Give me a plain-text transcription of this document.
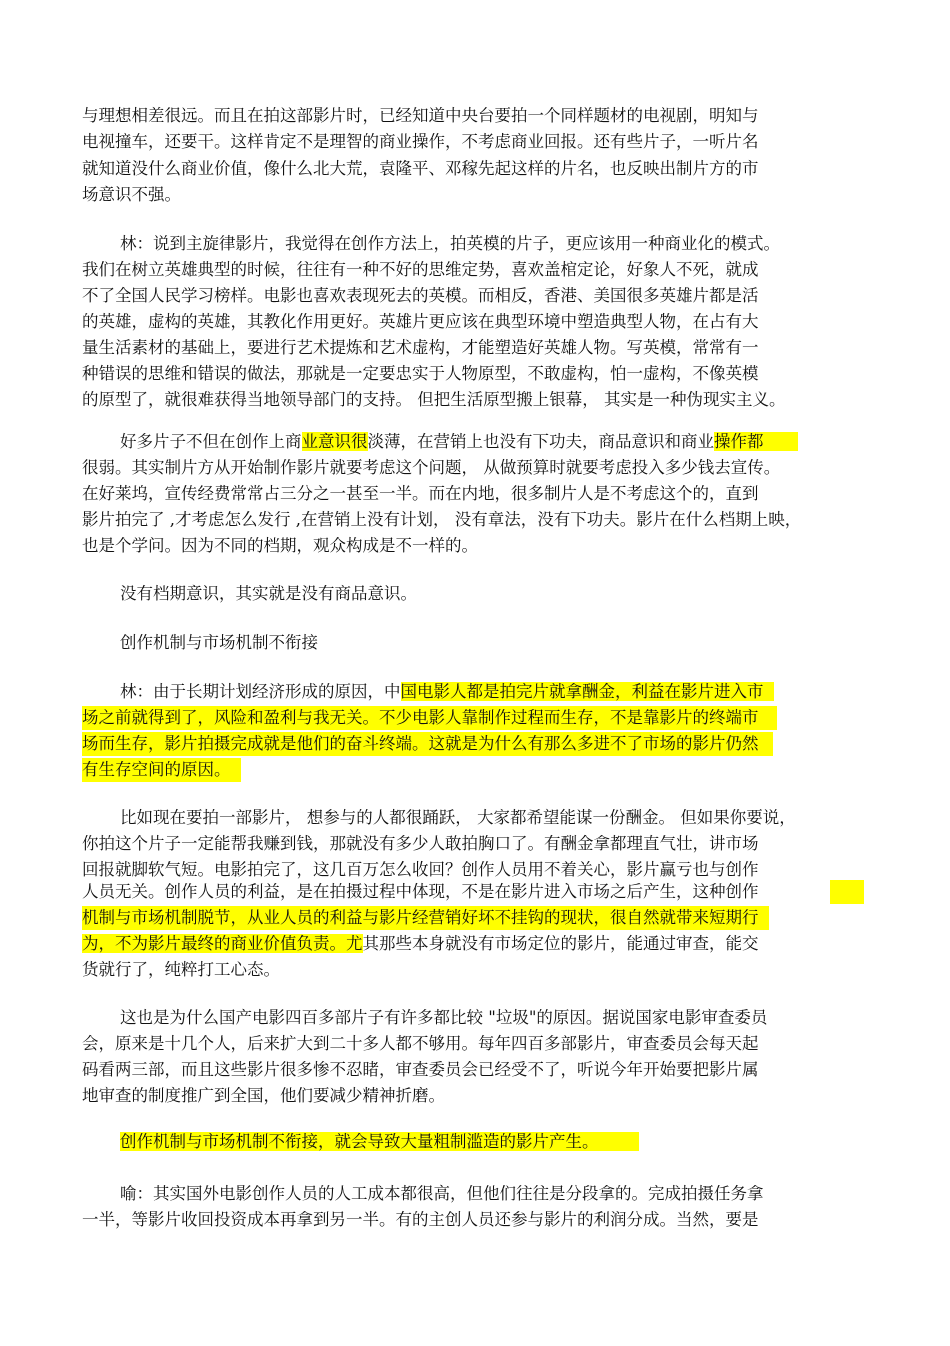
与理想相差很远。而且在拍这部影片时，已经知道中央台要拍一个同样题材的电视剧，明知与
电视撞车，还要干。这样肯定不是理智的商业操作，不考虑商业回报。还有些片子，一听片名
就知道没什么商业价值，像什么北大荒，袁隆平、邓稼先起这样的片名，也反映出制片方的市
场意识不强。
林：说到主旋律影片，我觉得在创作方法上，拍英模的片子，更应该用一种商业化的模式。
我们在树立英雄典型的时候，往往有一种不好的思维定势，喜欢盖棺定论，好象人不死，就成
不了全国人民学习榜样。电影也喜欢表现死去的英模。而相反，香港、美国很多英雄片都是活
的英雄，虚构的英雄，其教化作用更好。英雄片更应该在典型环境中塑造典型人物，在占有大
量生活素材的基础上，要进行艺术提炼和艺术虚构，才能塑造好英雄人物。写英模，常常有一
种错误的思维和错误的做法，那就是一定要忠实于人物原型，不敢虚构，怕一虚构，不像英模
的原型了，就很难获得当地领导部门的支持。 但把生活原型搬上银幕， 其实是一种伪现实主义。
好多片子不但在创作上商业意识很淡薄，在营销上也没有下功夫，商品意识和商业操作都
很弱。其实制片方从开始制作影片就要考虑这个问题， 从做预算时就要考虑投入多少钱去宣传。
在好莱坞，宣传经费常常占三分之一甚至一半。而在内地，很多制片人是不考虑这个的，直到
影片拍完了 ,才考虑怎么发行 ,在营销上没有计划， 没有章法，没有下功夫。影片在什么档期上映，
也是个学问。因为不同的档期，观众构成是不一样的。
没有档期意识，其实就是没有商品意识。
创作机制与市场机制不衔接
林：由于长期计划经济形成的原因，中国电影人都是拍完片就拿酬金，利益在影片进入市
场之前就得到了，风险和盈利与我无关。不少电影人靠制作过程而生存，不是靠影片的终端市
场而生存，影片拍摄完成就是他们的奋斗终端。这就是为什么有那么多进不了市场的影片仍然
有生存空间的原因。
比如现在要拍一部影片， 想参与的人都很踊跃， 大家都希望能谋一份酬金。 但如果你要说，
你拍这个片子一定能帮我赚到钱，那就没有多少人敢拍胸口了。有酬金拿都理直气壮，讲市场
回报就脚软气短。电影拍完了，这几百万怎么收回？创作人员用不着关心，影片赢亏也与创作
人员无关。创作人员的利益，是在拍摄过程中体现，不是在影片进入市场之后产生，这种创作
机制与市场机制脱节，从业人员的利益与影片经营销好坏不挂钩的现状，很自然就带来短期行
为，不为影片最终的商业价值负责。尤其那些本身就没有市场定位的影片，能通过审查，能交
货就行了，纯粹打工心态。
这也是为什么国产电影四百多部片子有许多都比较 "垃圾"的原因。据说国家电影审查委员
会，原来是十几个人，后来扩大到二十多人都不够用。每年四百多部影片，审查委员会每天起
码看两三部，而且这些影片很多惨不忍睹，审查委员会已经受不了，听说今年开始要把影片属
地审查的制度推广到全国，他们要减少精神折磨。
创作机制与市场机制不衔接，就会导致大量粗制滥造的影片产生。
喻：其实国外电影创作人员的人工成本都很高，但他们往往是分段拿的。完成拍摄任务拿
一半，等影片收回投资成本再拿到另一半。有的主创人员还参与影片的利润分成。当然，要是
